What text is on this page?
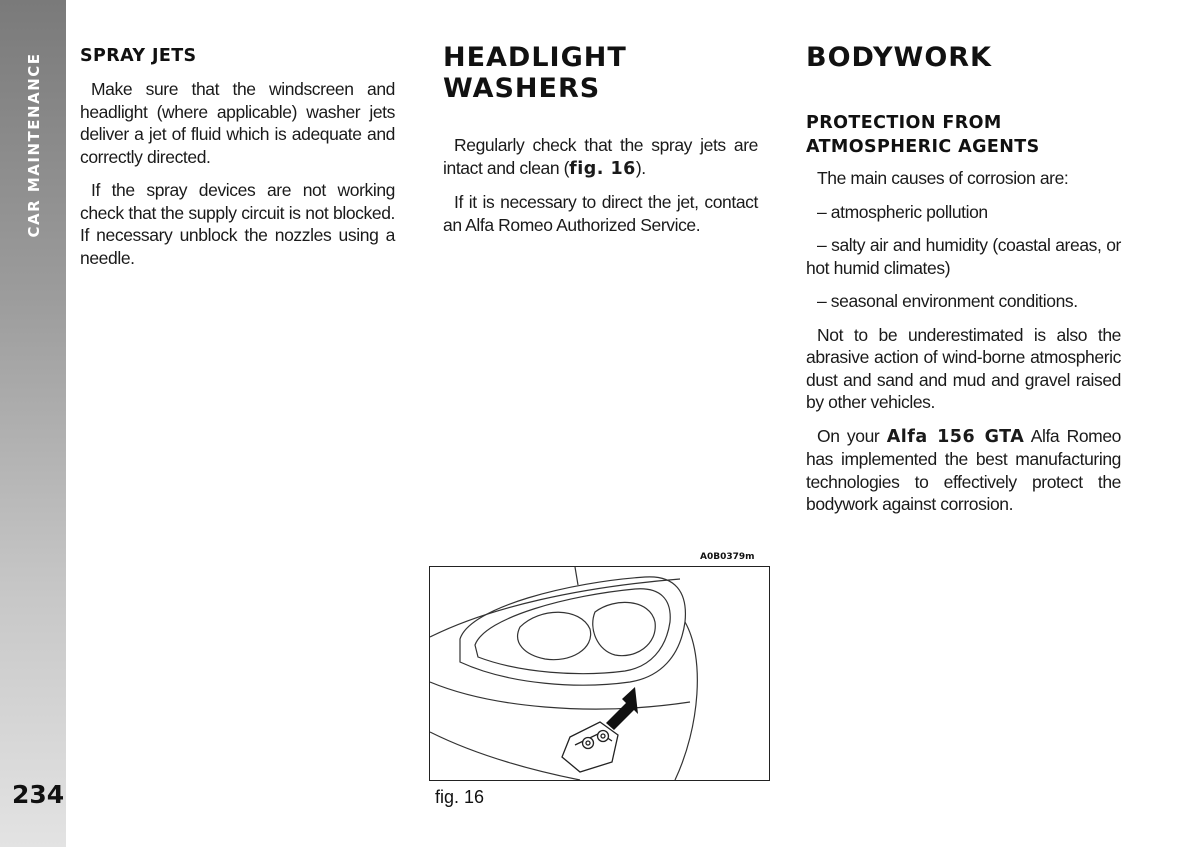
CAR MAINTENANCE
234
SPRAY JETS

Make sure that the windscreen and headlight (where applicable) washer jets deliver a jet of fluid which is adequate and correctly directed.

If the spray devices are not working check that the supply circuit is not blocked. If necessary unblock the nozzles using a needle.

HEADLIGHT WASHERS

Regularly check that the spray jets are intact and clean (fig. 16).

If it is necessary to direct the jet, contact an Alfa Romeo Authorized Service.

BODYWORK
PROTECTION FROM ATMOSPHERIC AGENTS

The main causes of corrosion are:

– atmospheric pollution

– salty air and humidity (coastal areas, or hot humid climates)

– seasonal environment conditions.

Not to be underestimated is also the abrasive action of wind-borne atmospheric dust and sand and mud and gravel raised by other vehicles.

On your Alfa 156 GTA Alfa Romeo has implemented the best manufacturing technologies to effectively protect the bodywork against corrosion.

A0B0379m
fig. 16
